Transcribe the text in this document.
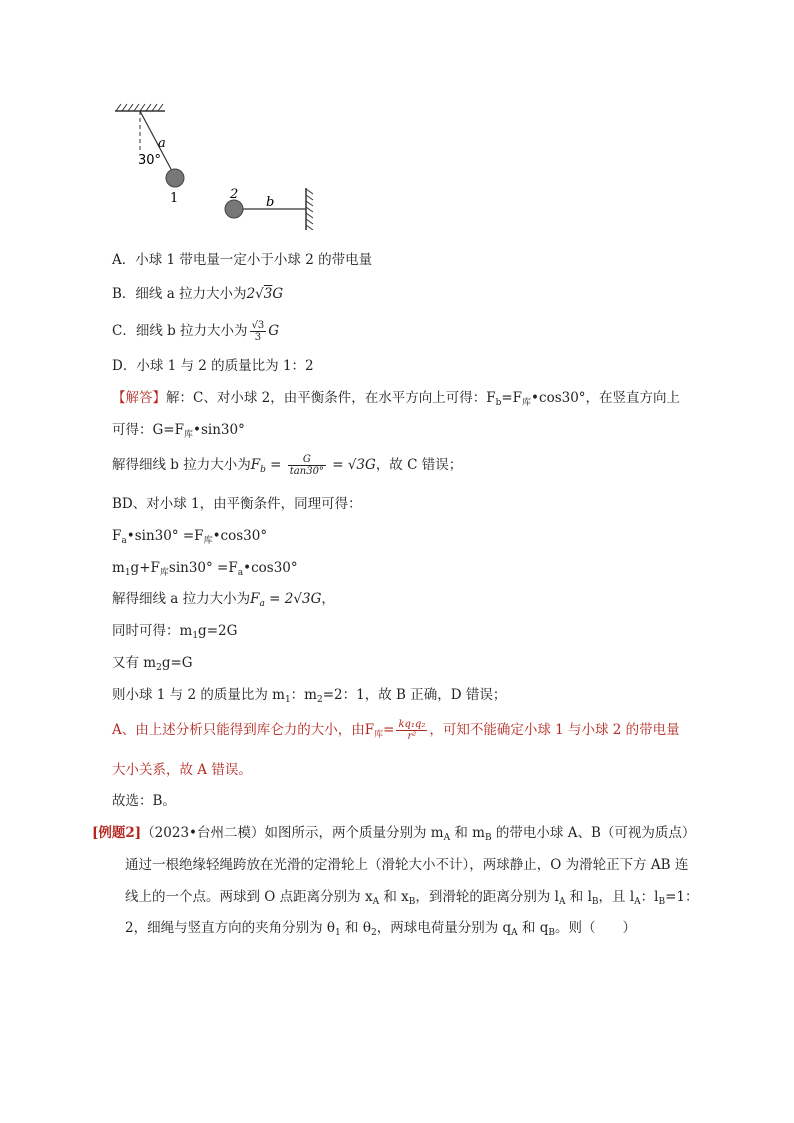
a
30°
1	2
b
A．小球 1 带电量一定小于小球 2 的带电量
B．细线 a 拉力大小为2√3G
C．细线 b 拉力大小为 $\frac{√3}{3}$ G
D．小球 1 与 2 的质量比为 1：2
【解答】解：C、对小球 2，由平衡条件，在水平方向上可得：$F_b=F_库•\cos 30^\circ$，在竖直方向上
可得：$G=F_库•\sin 30^\circ$
解得细线 b 拉力大小为$F_b = \frac{G}{\tan 30^\circ} = √3G$，故 C 错误；
BD、对小球 1，由平衡条件，同理可得：
$F_a•\sin 30^\circ$ $=F_库•\cos 30^\circ$
$m_1g+F_库\sin 30^\circ$ $=F_a•\cos 30^\circ$
解得细线 a 拉力大小为$F_a = 2√3G$，
同时可得：$m_1g=2G$
又有 $m_2g=G$
则小球 1 与 2 的质量比为 $m_1$：$m_2=2$：1，故 B 正确，D 错误；
A、由上述分析只能得到库仑力的大小，由$F_库= \frac{\text{kq₁q₂}}{\text{r²}}$ ，可知不能确定小球 1 与小球 2 的带电量
大小关系，故 A 错误。
故选：B。
[例题2]（2023•台州二模）如图所示，两个质量分别为 $m_A$ 和 $m_B$ 的带电小球 A、B（可视为质点）
通过一根绝缘轻绳跨放在光滑的定滑轮上（滑轮大小不计），两球静止，O 为滑轮正下方 AB 连
线上的一个点。两球到 O 点距离分别为 $x_A$ 和 $x_B$，到滑轮的距离分别为 $l_A$ 和 $l_B$，且 $l_A$：$l_B=1$：
2，细绳与竖直方向的夹角分别为 $\theta_1$ 和 $\theta_2$，两球电荷量分别为 $q_A$ 和 $q_B$。则（　　）
